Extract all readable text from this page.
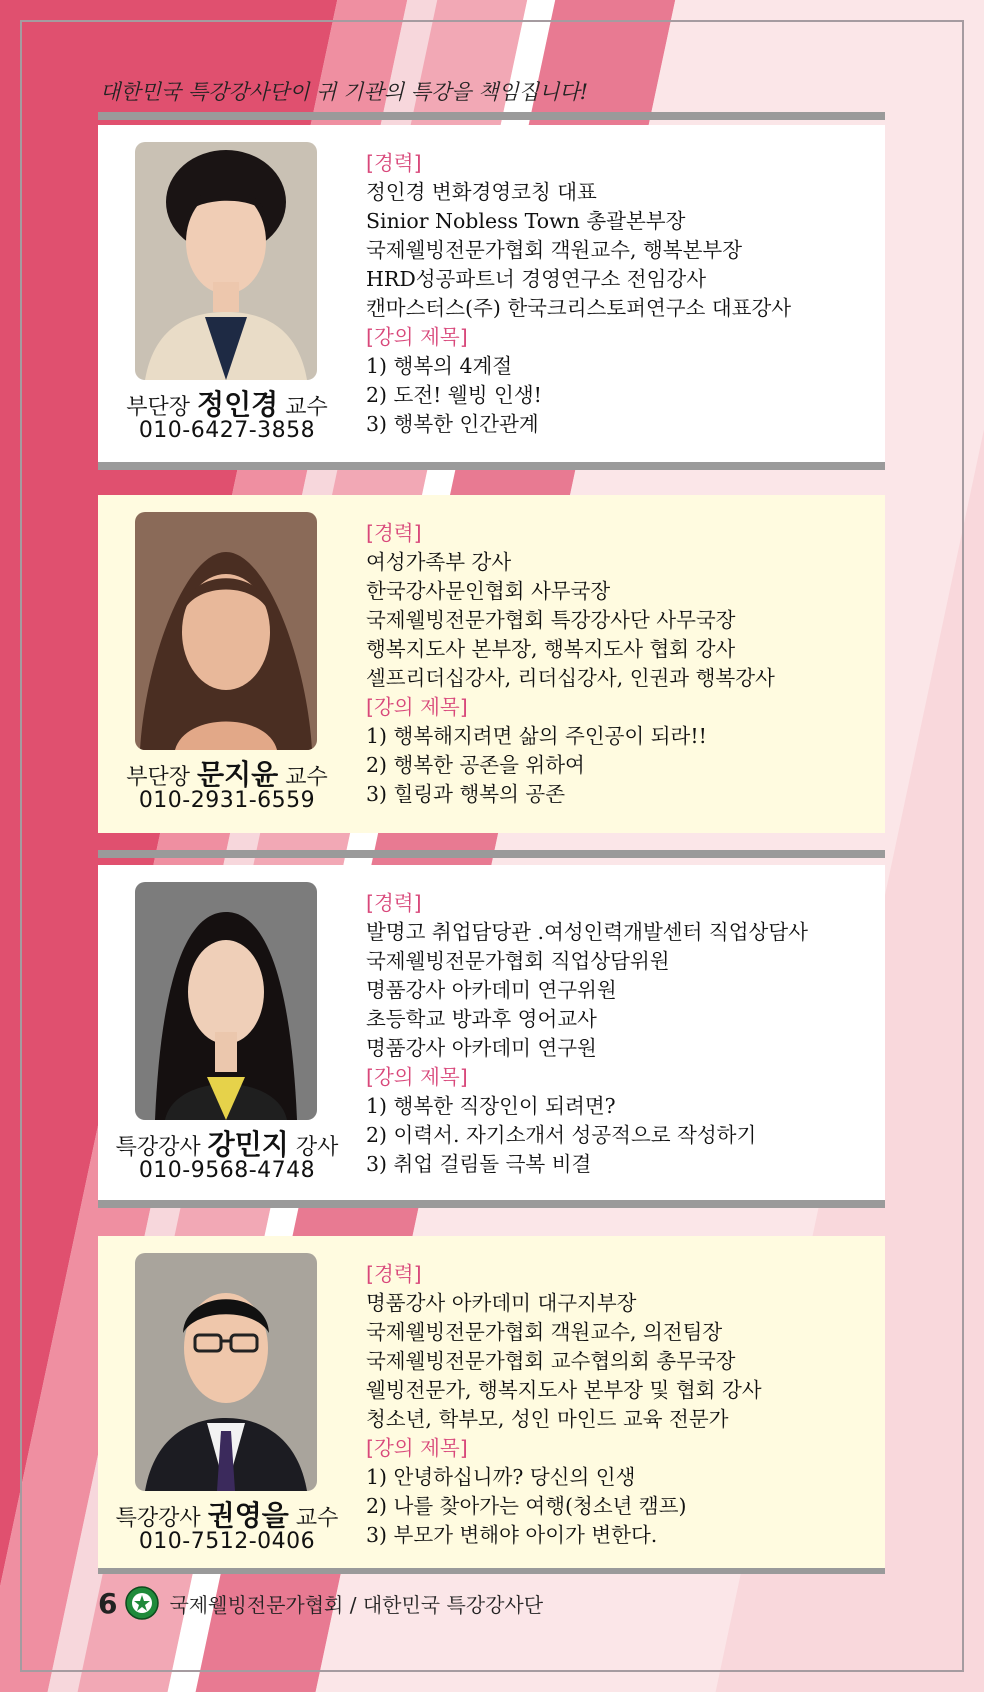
대한민국 특강강사단이 귀 기관의 특강을 책임집니다!
부단장 정인경 교수
010-6427-3858
[경력]
정인경 변화경영코칭 대표
Sinior Nobless Town 총괄본부장
국제웰빙전문가협회 객원교수, 행복본부장
HRD성공파트너 경영연구소 전임강사
캔마스터스(주) 한국크리스토퍼연구소 대표강사
[강의 제목]
1) 행복의 4계절
2) 도전! 웰빙 인생!
3) 행복한 인간관계
부단장 문지윤 교수
010-2931-6559
[경력]
여성가족부 강사
한국강사문인협회 사무국장
국제웰빙전문가협회 특강강사단 사무국장
행복지도사 본부장, 행복지도사 협회 강사
셀프리더십강사, 리더십강사, 인권과 행복강사
[강의 제목]
1) 행복해지려면 삶의 주인공이 되라!!
2) 행복한 공존을 위하여
3) 힐링과 행복의 공존
특강강사 강민지 강사
010-9568-4748
[경력]
발명고 취업담당관 .여성인력개발센터 직업상담사
국제웰빙전문가협회 직업상담위원
명품강사 아카데미 연구위원
초등학교 방과후 영어교사
명품강사 아카데미 연구원
[강의 제목]
1) 행복한 직장인이 되려면?
2) 이력서. 자기소개서 성공적으로 작성하기
3) 취업 걸림돌 극복 비결
특강강사 권영을 교수
010-7512-0406
[경력]
명품강사 아카데미 대구지부장
국제웰빙전문가협회 객원교수, 의전팀장
국제웰빙전문가협회 교수협의회 총무국장
웰빙전문가, 행복지도사 본부장 및 협회 강사
청소년, 학부모, 성인 마인드 교육 전문가
[강의 제목]
1) 안녕하십니까? 당신의 인생
2) 나를 찾아가는 여행(청소년 캠프)
3) 부모가 변해야 아이가 변한다.
6	국제웰빙전문가협회 / 대한민국 특강강사단
